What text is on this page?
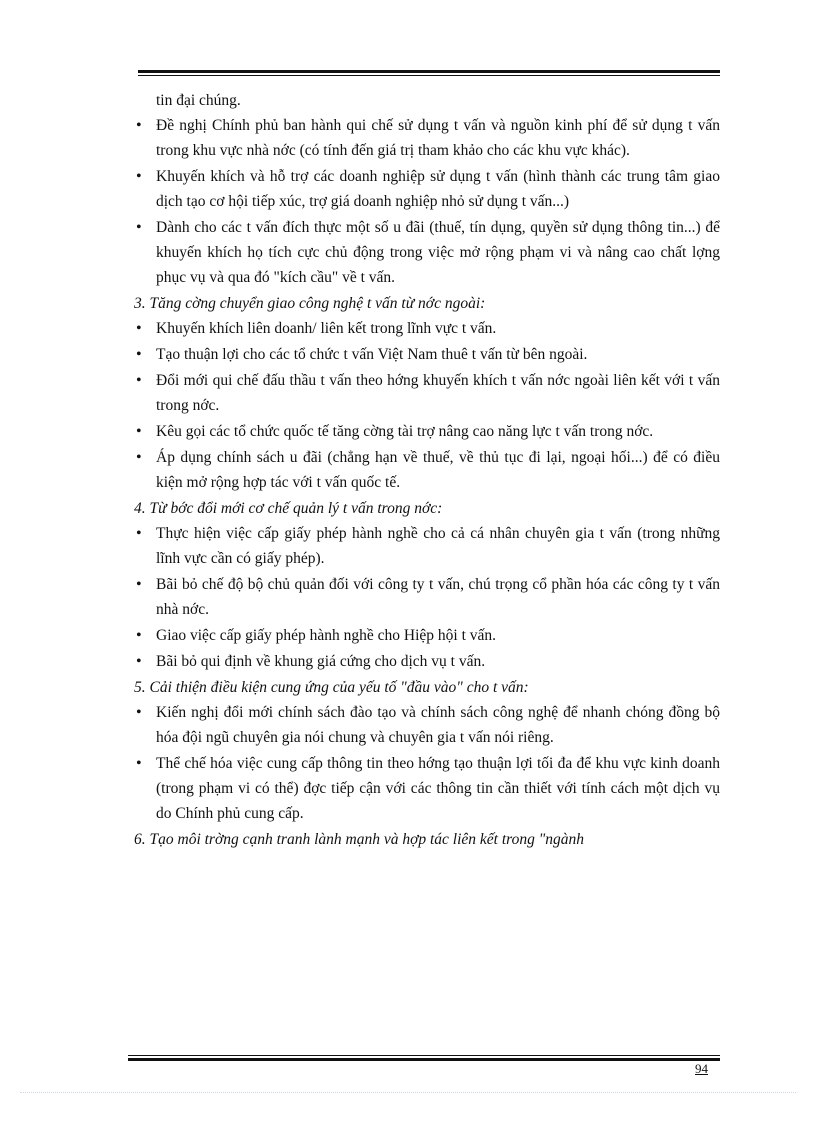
tin đại chúng.

• Đề nghị Chính phủ ban hành qui chế sử dụng t vấn và nguồn kinh phí để sử dụng t vấn trong khu vực nhà nớc (có tính đến giá trị tham khảo cho các khu vực khác).

• Khuyến khích và hỗ trợ các doanh nghiệp sử dụng t vấn (hình thành các trung tâm giao dịch tạo cơ hội tiếp xúc, trợ giá doanh nghiệp nhỏ sử dụng t vấn...)

• Dành cho các t vấn đích thực một số u đãi (thuế, tín dụng, quyền sử dụng thông tin...) để khuyến khích họ tích cực chủ động trong việc mở rộng phạm vi và nâng cao chất lợng phục vụ và qua đó "kích cầu" về t vấn.

3. Tăng cờng chuyển giao công nghệ t vấn từ nớc ngoài:

• Khuyến khích liên doanh/ liên kết trong lĩnh vực t vấn.

• Tạo thuận lợi cho các tổ chức t vấn Việt Nam thuê t vấn từ bên ngoài.

• Đổi mới qui chế đấu thầu t vấn theo hớng khuyến khích t vấn nớc ngoài liên kết với t vấn trong nớc.

• Kêu gọi các tổ chức quốc tế tăng cờng tài trợ nâng cao năng lực t vấn trong nớc.

• Áp dụng chính sách u đãi (chẳng hạn về thuế, về thủ tục đi lại, ngoại hối...) để có điều kiện mở rộng hợp tác với t vấn quốc tế.

4. Từ bớc đổi mới cơ chế quản lý t vấn trong nớc:

• Thực hiện việc cấp giấy phép hành nghề cho cả cá nhân chuyên gia t vấn (trong những lĩnh vực cần có giấy phép).

• Bãi bỏ chế độ bộ chủ quản đối với công ty t vấn, chú trọng cổ phần hóa các công ty t vấn nhà nớc.

• Giao việc cấp giấy phép hành nghề cho Hiệp hội t vấn.

• Bãi bỏ qui định về khung giá cứng cho dịch vụ t vấn.

5. Cải thiện điều kiện cung ứng của yếu tố "đầu vào" cho t vấn:

• Kiến nghị đổi mới chính sách đào tạo và chính sách công nghệ để nhanh chóng đồng bộ hóa đội ngũ chuyên gia nói chung và chuyên gia t vấn nói riêng.

• Thể chế hóa việc cung cấp thông tin theo hớng tạo thuận lợi tối đa để khu vực kinh doanh (trong phạm vi có thể) đợc tiếp cận với các thông tin cần thiết với tính cách một dịch vụ do Chính phủ cung cấp.

6. Tạo môi trờng cạnh tranh lành mạnh và hợp tác liên kết trong "ngành

94
